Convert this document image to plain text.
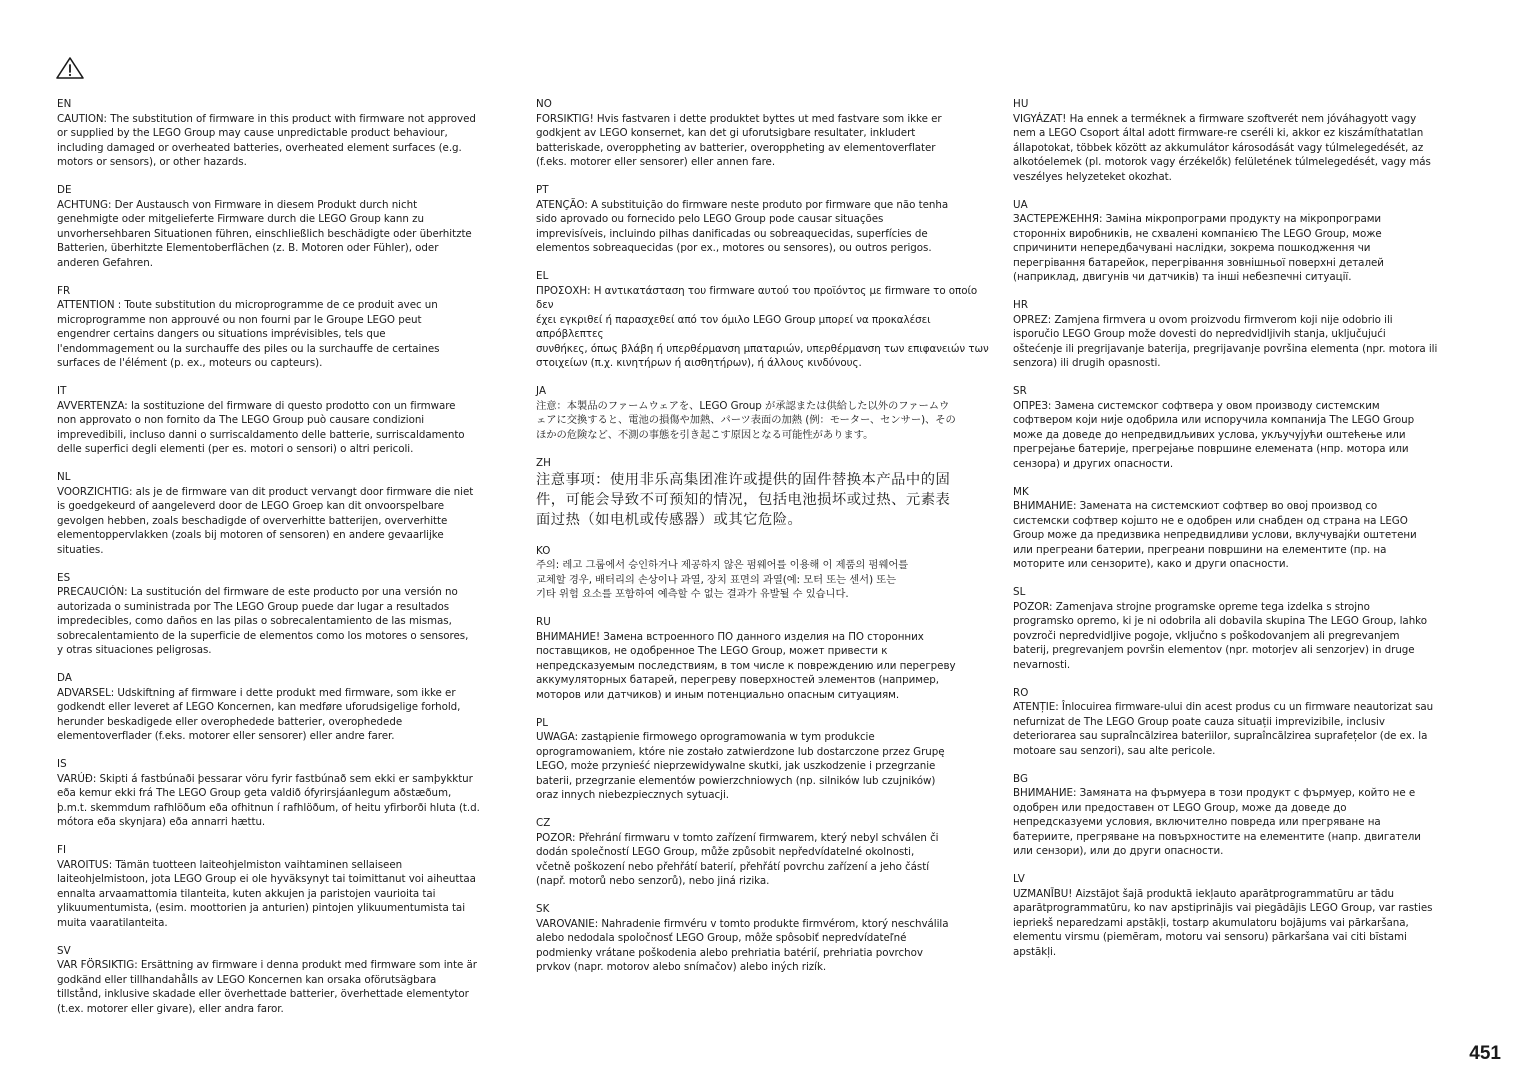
EN

CAUTION: The substitution of firmware in this product with firmware not approved
or supplied by the LEGO Group may cause unpredictable product behaviour,
including damaged or overheated batteries, overheated element surfaces (e.g.
motors or sensors), or other hazards.

DE

ACHTUNG: Der Austausch von Firmware in diesem Produkt durch nicht
genehmigte oder mitgelieferte Firmware durch die LEGO Group kann zu
unvorhersehbaren Situationen führen, einschließlich beschädigte oder überhitzte
Batterien, überhitzte Elementoberflächen (z. B. Motoren oder Fühler), oder
anderen Gefahren.

FR

ATTENTION : Toute substitution du microprogramme de ce produit avec un
microprogramme non approuvé ou non fourni par le Groupe LEGO peut
engendrer certains dangers ou situations imprévisibles, tels que
l'endommagement ou la surchauffe des piles ou la surchauffe de certaines
surfaces de l'élément (p. ex., moteurs ou capteurs).

IT

AVVERTENZA: la sostituzione del firmware di questo prodotto con un firmware
non approvato o non fornito da The LEGO Group può causare condizioni
imprevedibili, incluso danni o surriscaldamento delle batterie, surriscaldamento
delle superfici degli elementi (per es. motori o sensori) o altri pericoli.

NL

VOORZICHTIG: als je de firmware van dit product vervangt door firmware die niet
is goedgekeurd of aangeleverd door de LEGO Groep kan dit onvoorspelbare
gevolgen hebben, zoals beschadigde of oververhitte batterijen, oververhitte
elementoppervlakken (zoals bij motoren of sensoren) en andere gevaarlijke
situaties.

ES

PRECAUCIÓN: La sustitución del firmware de este producto por una versión no
autorizada o suministrada por The LEGO Group puede dar lugar a resultados
impredecibles, como daños en las pilas o sobrecalentamiento de las mismas,
sobrecalentamiento de la superficie de elementos como los motores o sensores,
y otras situaciones peligrosas.

DA

ADVARSEL: Udskiftning af firmware i dette produkt med firmware, som ikke er
godkendt eller leveret af LEGO Koncernen, kan medføre uforudsigelige forhold,
herunder beskadigede eller overophedede batterier, overophedede
elementoverflader (f.eks. motorer eller sensorer) eller andre farer.

IS

VARÚÐ: Skipti á fastbúnaði þessarar vöru fyrir fastbúnað sem ekki er samþykktur
eða kemur ekki frá The LEGO Group geta valdið ófyrirsjáanlegum aðstæðum,
þ.m.t. skemmdum rafhlöðum eða ofhitnun í rafhlöðum, of heitu yfirborði hluta (t.d.
mótora eða skynjara) eða annarri hættu.

FI

VAROITUS: Tämän tuotteen laiteohjelmiston vaihtaminen sellaiseen
laiteohjelmistoon, jota LEGO Group ei ole hyväksynyt tai toimittanut voi aiheuttaa
ennalta arvaamattomia tilanteita, kuten akkujen ja paristojen vaurioita tai
ylikuumentumista, (esim. moottorien ja anturien) pintojen ylikuumentumista tai
muita vaaratilanteita.

SV

VAR FÖRSIKTIG: Ersättning av firmware i denna produkt med firmware som inte är
godkänd eller tillhandahålls av LEGO Koncernen kan orsaka oförutsägbara
tillstånd, inklusive skadade eller överhettade batterier, överhettade elementytor
(t.ex. motorer eller givare), eller andra faror.

NO

FORSIKTIG! Hvis fastvaren i dette produktet byttes ut med fastvare som ikke er
godkjent av LEGO konsernet, kan det gi uforutsigbare resultater, inkludert
batteriskade, overoppheting av batterier, overoppheting av elementoverflater
(f.eks. motorer eller sensorer) eller annen fare.

PT

ATENÇÃO: A substituição do firmware neste produto por firmware que não tenha
sido aprovado ou fornecido pelo LEGO Group pode causar situações
imprevisíveis, incluindo pilhas danificadas ou sobreaquecidas, superfícies de
elementos sobreaquecidas (por ex., motores ou sensores), ou outros perigos.

EL

ΠΡΟΣΟΧΗ: Η αντικατάσταση του firmware αυτού του προϊόντος με firmware το οποίο δεν
έχει εγκριθεί ή παρασχεθεί από τον όμιλο LEGO Group μπορεί να προκαλέσει απρόβλεπτες
συνθήκες, όπως βλάβη ή υπερθέρμανση μπαταριών, υπερθέρμανση των επιφανειών των
στοιχείων (π.χ. κινητήρων ή αισθητήρων), ή άλλους κινδύνους.

JA

注意：本製品のファームウェアを、LEGO Group が承認または供給した以外のファームウ
ェアに交換すると、電池の損傷や加熱、パーツ表面の加熱 (例：モーター、センサー)、その
ほかの危険など、不測の事態を引き起こす原因となる可能性があります。

ZH

注意事项：使用非乐高集团准许或提供的固件替换本产品中的固
件，可能会导致不可预知的情况，包括电池损坏或过热、元素表
面过热（如电机或传感器）或其它危险。

KO

주의: 레고 그룹에서 승인하거나 제공하지 않은 펌웨어를 이용해 이 제품의 펌웨어를
교체할 경우, 배터리의 손상이나 과열, 장치 표면의 과열(예: 모터 또는 센서) 또는
기타 위험 요소를 포함하여 예측할 수 없는 결과가 유발될 수 있습니다.

RU

ВНИМАНИЕ! Замена встроенного ПО данного изделия на ПО сторонних
поставщиков, не одобренное The LEGO Group, может привести к
непредсказуемым последствиям, в том числе к повреждению или перегреву
аккумуляторных батарей, перегреву поверхностей элементов (например,
моторов или датчиков) и иным потенциально опасным ситуациям.

PL

UWAGA: zastąpienie firmowego oprogramowania w tym produkcie
oprogramowaniem, które nie zostało zatwierdzone lub dostarczone przez Grupę
LEGO, może przynieść nieprzewidywalne skutki, jak uszkodzenie i przegrzanie
baterii, przegrzanie elementów powierzchniowych (np. silników lub czujników)
oraz innych niebezpiecznych sytuacji.

CZ

POZOR: Přehrání firmwaru v tomto zařízení firmwarem, který nebyl schválen či
dodán společností LEGO Group, může způsobit nepředvídatelné okolnosti,
včetně poškození nebo přehřátí baterií, přehřátí povrchu zařízení a jeho částí
(např. motorů nebo senzorů), nebo jiná rizika.

SK

VAROVANIE: Nahradenie firmvéru v tomto produkte firmvérom, ktorý neschválila
alebo nedodala spoločnosť LEGO Group, môže spôsobiť nepredvídateľné
podmienky vrátane poškodenia alebo prehriatia batérií, prehriatia povrchov
prvkov (napr. motorov alebo snímačov) alebo iných rizík.

HU

VIGYÁZAT! Ha ennek a terméknek a firmware szoftverét nem jóváhagyott vagy
nem a LEGO Csoport által adott firmware-re cseréli ki, akkor ez kiszámíthatatlan
állapotokat, többek között az akkumulátor károsodását vagy túlmelegedését, az
alkotóelemek (pl. motorok vagy érzékelők) felületének túlmelegedését, vagy más
veszélyes helyzeteket okozhat.

UA

ЗАСТЕРЕЖЕННЯ: Заміна мікропрограми продукту на мікропрограми
сторонніх виробників, не схвалені компанією The LEGO Group, може
спричинити непередбачувані наслідки, зокрема пошкодження чи
перегрівання батарейок, перегрівання зовнішньої поверхні деталей
(наприклад, двигунів чи датчиків) та інші небезпечні ситуації.

HR

OPREZ: Zamjena firmvera u ovom proizvodu firmverom koji nije odobrio ili
isporučio LEGO Group može dovesti do nepredvidljivih stanja, uključujući
oštećenje ili pregrijavanje baterija, pregrijavanje površina elementa (npr. motora ili
senzora) ili drugih opasnosti.

SR

ОПРЕЗ: Замена системског софтвера у овом производу системским
софтвером који није одобрила или испоручила компанија The LEGO Group
може да доведе до непредвидљивих услова, укључујући оштећење или
прегрејање батерије, прегрејање површине елемената (нпр. мотора или
сензора) и других опасности.

MK

ВНИМАНИЕ: Замената на системскиот софтвер во овој производ со
системски софтвер којшто не е одобрен или снабден од страна на LEGO
Group може да предизвика непредвидливи услови, вклучувајќи оштетени
или прегреани батерии, прегреани површини на елементите (пр. на
моторите или сензорите), како и други опасности.

SL

POZOR: Zamenjava strojne programske opreme tega izdelka s strojno
programsko opremo, ki je ni odobrila ali dobavila skupina The LEGO Group, lahko
povzroči nepredvidljive pogoje, vključno s poškodovanjem ali pregrevanjem
baterij, pregrevanjem površin elementov (npr. motorjev ali senzorjev) in druge
nevarnosti.

RO

ATENȚIE: Înlocuirea firmware-ului din acest produs cu un firmware neautorizat sau
nefurnizat de The LEGO Group poate cauza situații imprevizibile, inclusiv
deteriorarea sau supraîncălzirea bateriilor, supraîncălzirea suprafețelor (de ex. la
motoare sau senzori), sau alte pericole.

BG

ВНИМАНИЕ: Замяната на фърмуера в този продукт с фърмуер, който не е
одобрен или предоставен от LEGO Group, може да доведе до
непредсказуеми условия, включително повреда или прегряване на
батериите, прегряване на повърхностите на елементите (напр. двигатели
или сензори), или до други опасности.

LV

UZMANĪBU! Aizstājot šajā produktā iekļauto aparātprogrammatūru ar tādu
aparātprogrammatūru, ko nav apstiprinājis vai piegādājis LEGO Group, var rasties
iepriekš neparedzami apstākļi, tostarp akumulatoru bojājums vai pārkaršana,
elementu virsmu (piemēram, motoru vai sensoru) pārkaršana vai citi bīstami
apstākļi.

451
